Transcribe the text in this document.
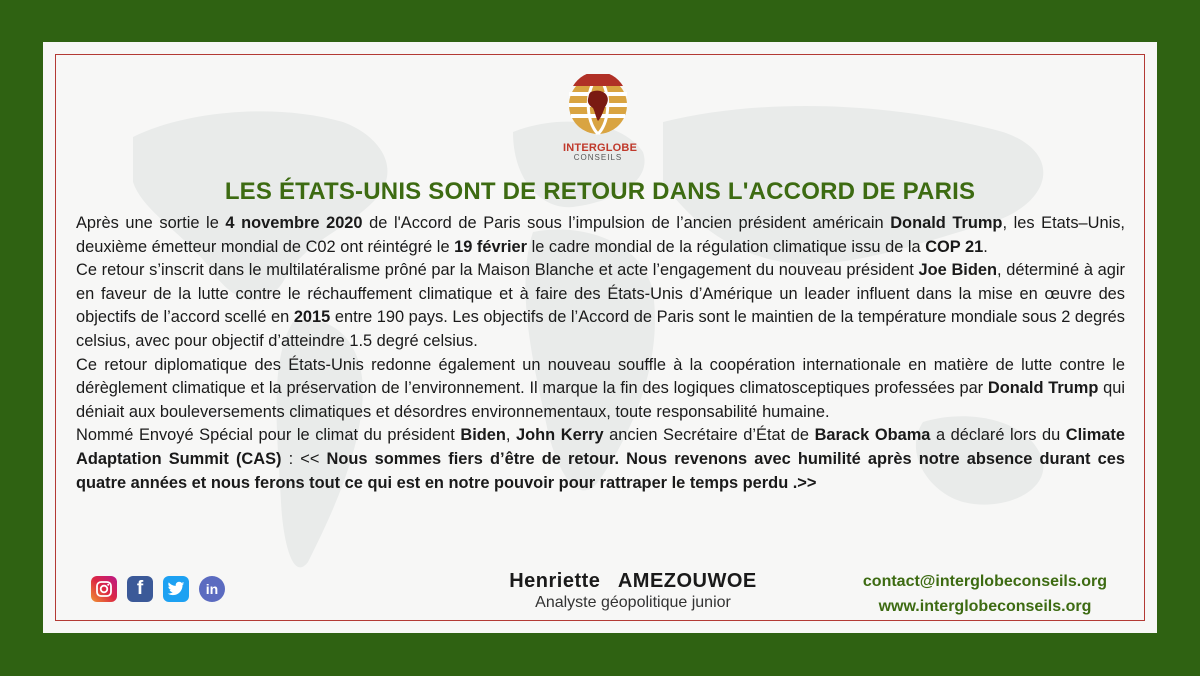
INTERGLOBE
CONSEILS
LES ÉTATS-UNIS SONT DE RETOUR DANS L'ACCORD DE PARIS

Après une sortie le 4 novembre 2020 de l'Accord de Paris sous l’impulsion de l’ancien président américain Donald Trump, les Etats–Unis, deuxième émetteur mondial de C02 ont réintégré le 19 février le cadre mondial de la régulation climatique issu de la COP 21.

Ce retour s’inscrit dans le multilatéralisme prôné par la Maison Blanche et acte l’engagement du nouveau président Joe Biden, déterminé à agir en faveur de la lutte contre le réchauffement climatique et à faire des États-Unis d’Amérique un leader influent dans la mise en œuvre des objectifs de l’accord scellé en 2015 entre 190 pays. Les objectifs de l’Accord de Paris sont le maintien de la température mondiale sous 2 degrés celsius, avec pour objectif d’atteindre 1.5 degré celsius.

Ce retour diplomatique des États-Unis redonne également un nouveau souffle à la coopération internationale en matière de lutte contre le dérèglement climatique et la préservation de l’environnement. Il marque la fin des logiques climatosceptiques professées par Donald Trump qui déniait aux bouleversements climatiques et désordres environnementaux, toute responsabilité humaine.

Nommé Envoyé Spécial pour le climat du président Biden, John Kerry ancien Secrétaire d’État de Barack Obama a déclaré lors du Climate Adaptation Summit (CAS) : << Nous sommes fiers d’être de retour. Nous revenons avec humilité après notre absence durant ces quatre années et nous ferons tout ce qui est en notre pouvoir pour rattraper le temps perdu .>>

f	in	Henriette   AMEZOUWOE
Analyste géopolitique junior
contact@interglobeconseils.org
www.interglobeconseils.org
